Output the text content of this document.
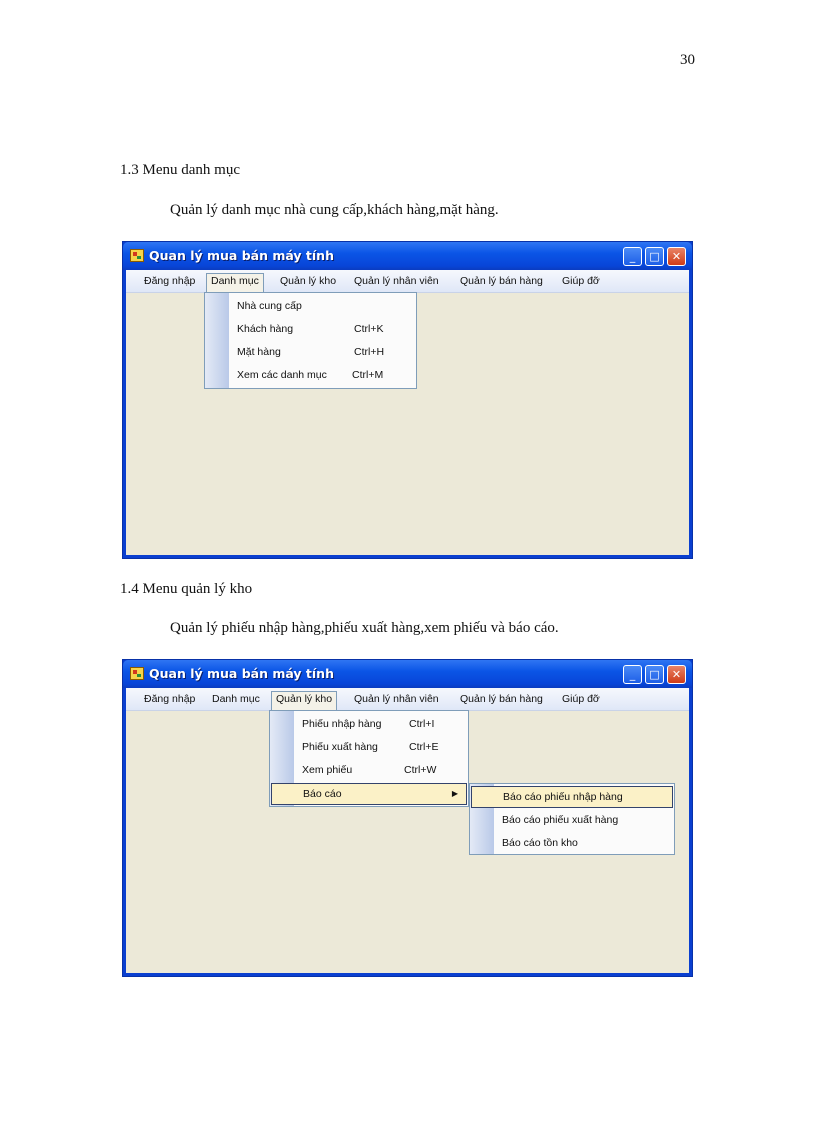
30
1.3 Menu danh mục
Quản lý danh mục nhà cung cấp,khách hàng,mặt hàng.
Quan lý mua bán máy tính	_	□	✕
Đăng nhập	Danh mục	Quản lý kho	Quản lý nhân viên	Quản lý bán hàng	Giúp đỡ
Nhà cung cấp
Khách hàng	Ctrl+K
Mặt hàng	Ctrl+H
Xem các danh mục Ctrl+M
1.4 Menu quản lý kho
Quản lý phiếu nhập hàng,phiếu xuất hàng,xem phiếu và báo cáo.
Quan lý mua bán máy tính	_	□	✕
Đăng nhập	Danh mục	Quản lý kho	Quản lý nhân viên	Quản lý bán hàng	Giúp đỡ
Phiếu nhập hàng	Ctrl+I
Phiếu xuất hàng	Ctrl+E
Xem phiếu	Ctrl+W
Báo cáo	▶	Báo cáo phiếu nhập hàng
Báo cáo phiếu xuất hàng
Báo cáo tồn kho
